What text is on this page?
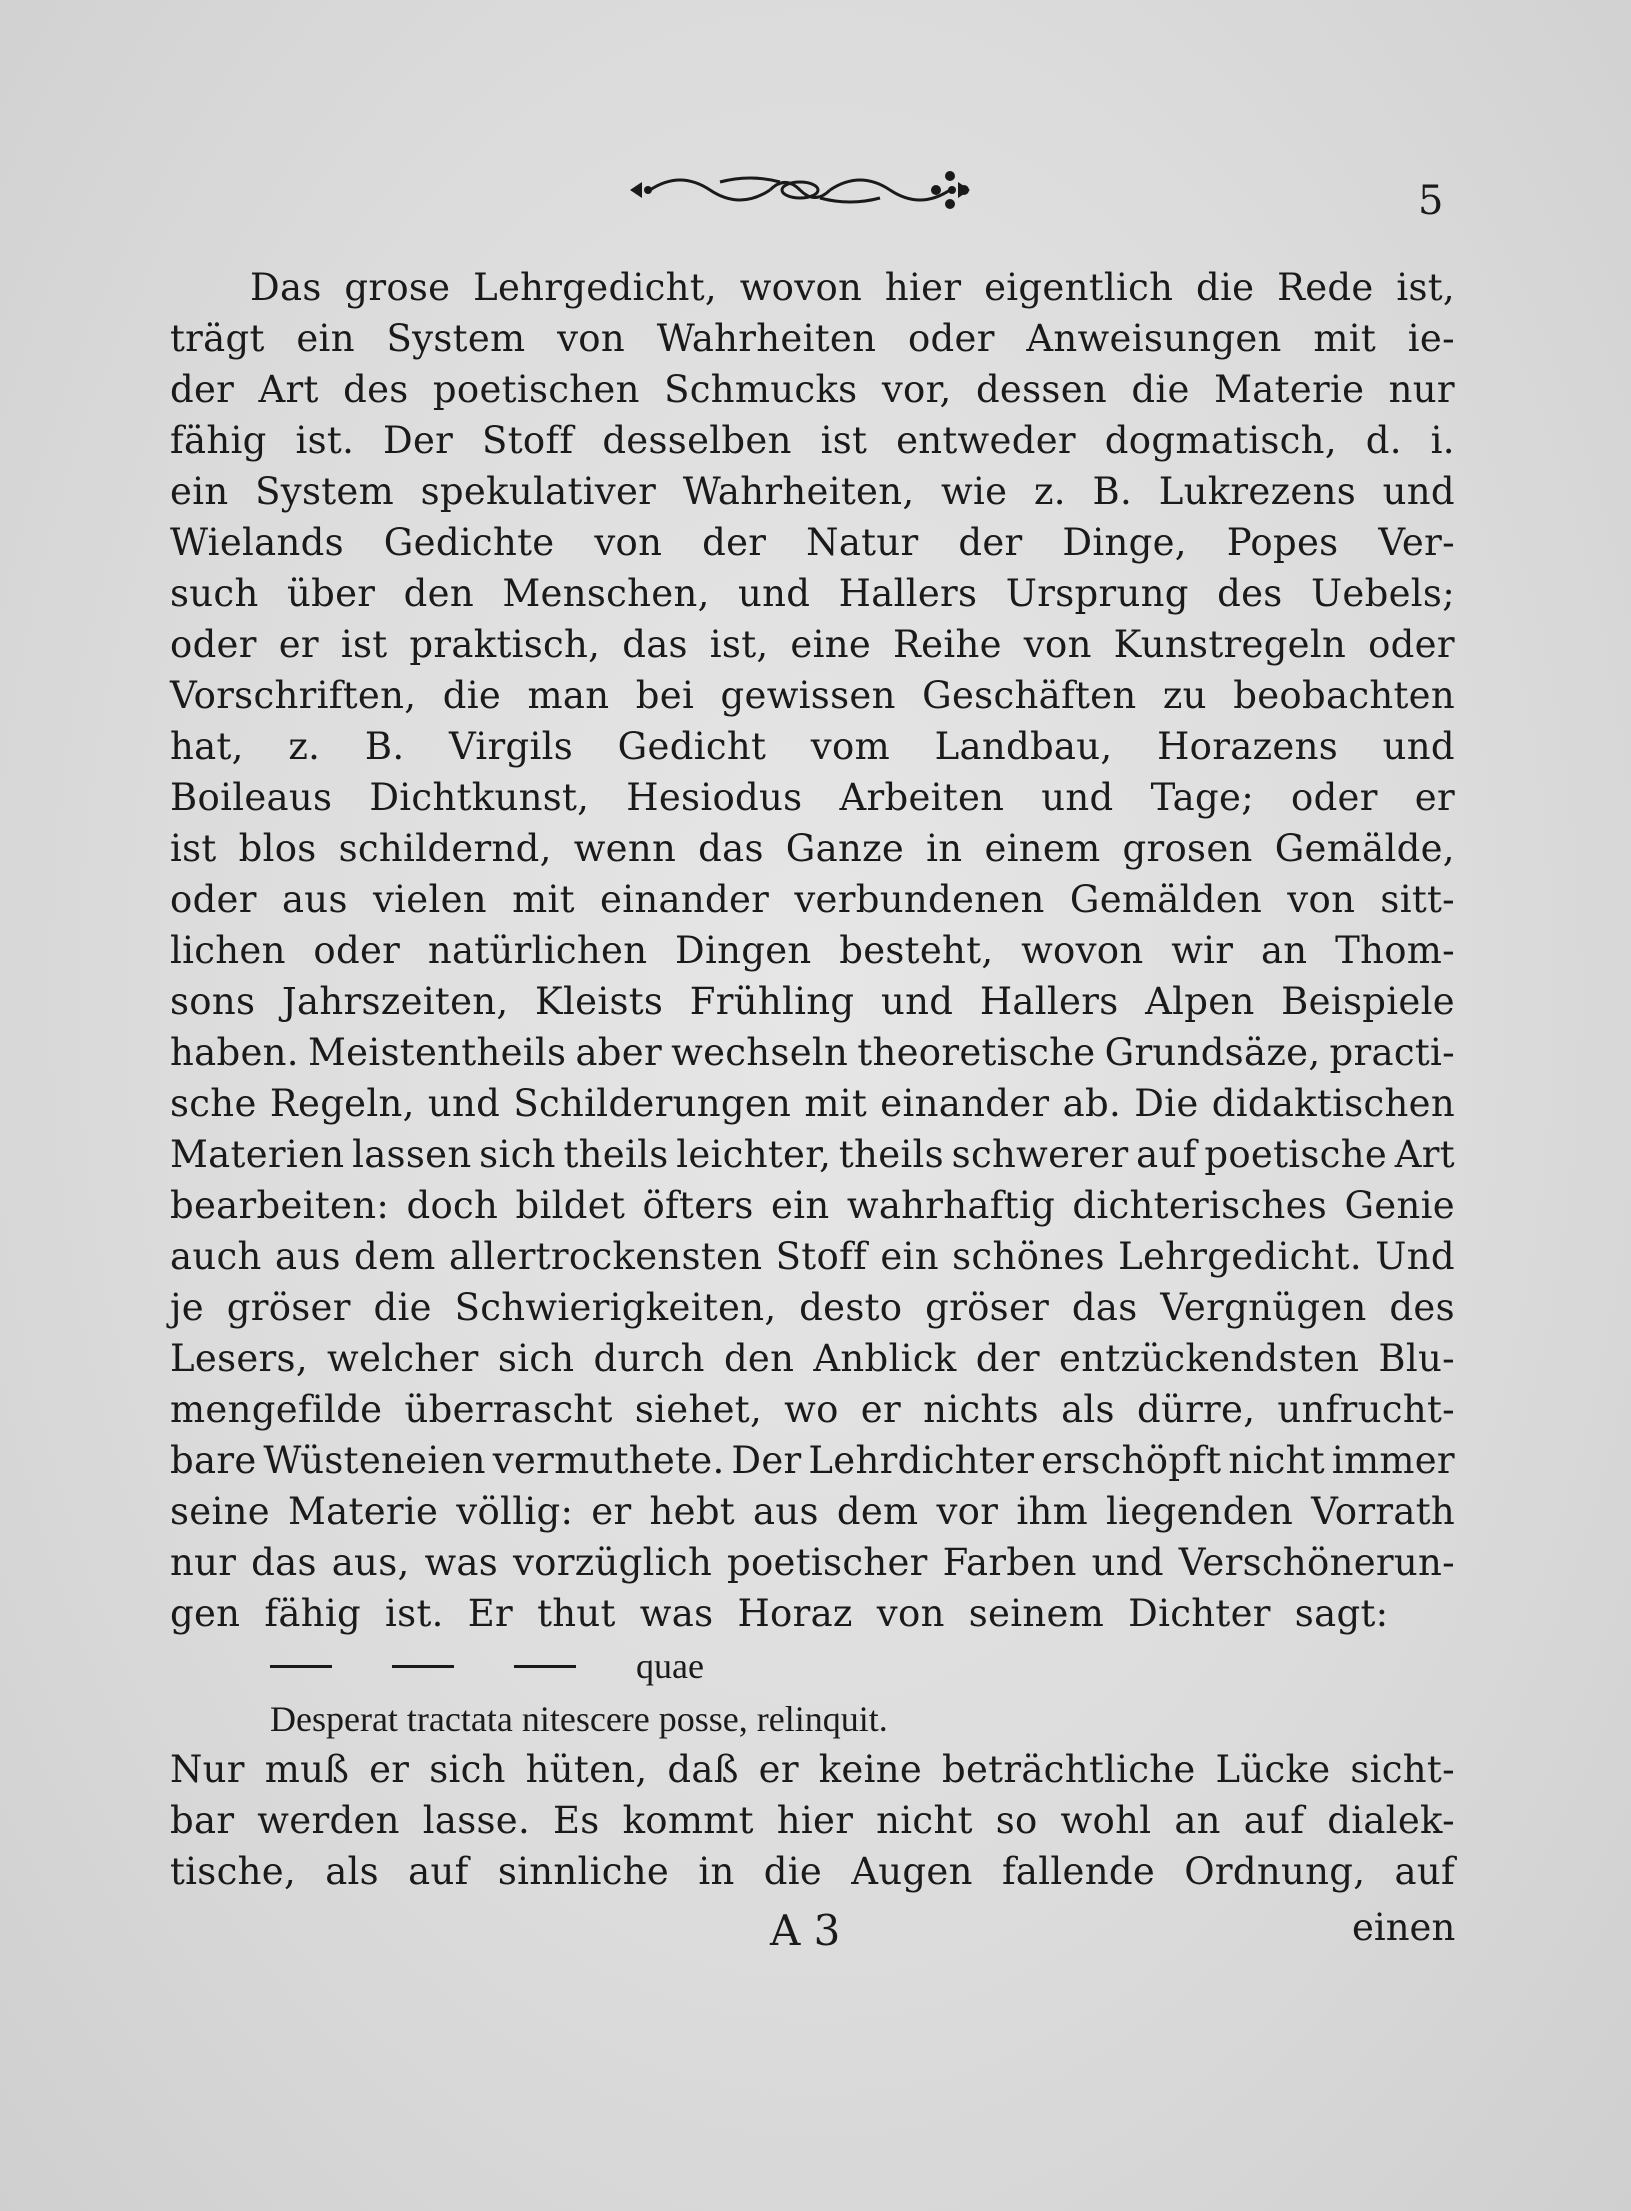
5
Das grose Lehrgedicht, wovon hier eigentlich die Rede ist,
trägt ein System von Wahrheiten oder Anweisungen mit ie-
der Art des poetischen Schmucks vor, dessen die Materie nur
fähig ist. Der Stoff desselben ist entweder dogmatisch, d. i.
ein System spekulativer Wahrheiten, wie z. B. Lukrezens und
Wielands Gedichte von der Natur der Dinge, Popes Ver-
such über den Menschen, und Hallers Ursprung des Uebels;
oder er ist praktisch, das ist, eine Reihe von Kunstregeln oder
Vorschriften, die man bei gewissen Geschäften zu beobachten
hat, z. B. Virgils Gedicht vom Landbau, Horazens und
Boileaus Dichtkunst, Hesiodus Arbeiten und Tage; oder er
ist blos schildernd, wenn das Ganze in einem grosen Gemälde,
oder aus vielen mit einander verbundenen Gemälden von sitt-
lichen oder natürlichen Dingen besteht, wovon wir an Thom-
sons Jahrszeiten, Kleists Frühling und Hallers Alpen Beispiele
haben. Meistentheils aber wechseln theoretische Grundsäze, practi-
sche Regeln, und Schilderungen mit einander ab. Die didaktischen
Materien lassen sich theils leichter, theils schwerer auf poetische Art
bearbeiten: doch bildet öfters ein wahrhaftig dichterisches Genie
auch aus dem allertrockensten Stoff ein schönes Lehrgedicht. Und
je gröser die Schwierigkeiten, desto gröser das Vergnügen des
Lesers, welcher sich durch den Anblick der entzückendsten Blu-
mengefilde überrascht siehet, wo er nichts als dürre, unfrucht-
bare Wüsteneien vermuthete. Der Lehrdichter erschöpft nicht immer
seine Materie völlig: er hebt aus dem vor ihm liegenden Vorrath
nur das aus, was vorzüglich poetischer Farben und Verschönerun-
gen fähig ist. Er thut was Horaz von seinem Dichter sagt:
quae
Desperat tractata nitescere posse, relinquit.
Nur muß er sich hüten, daß er keine beträchtliche Lücke sicht-
bar werden lasse. Es kommt hier nicht so wohl an auf dialek-
tische, als auf sinnliche in die Augen fallende Ordnung, auf
A 3	einen
